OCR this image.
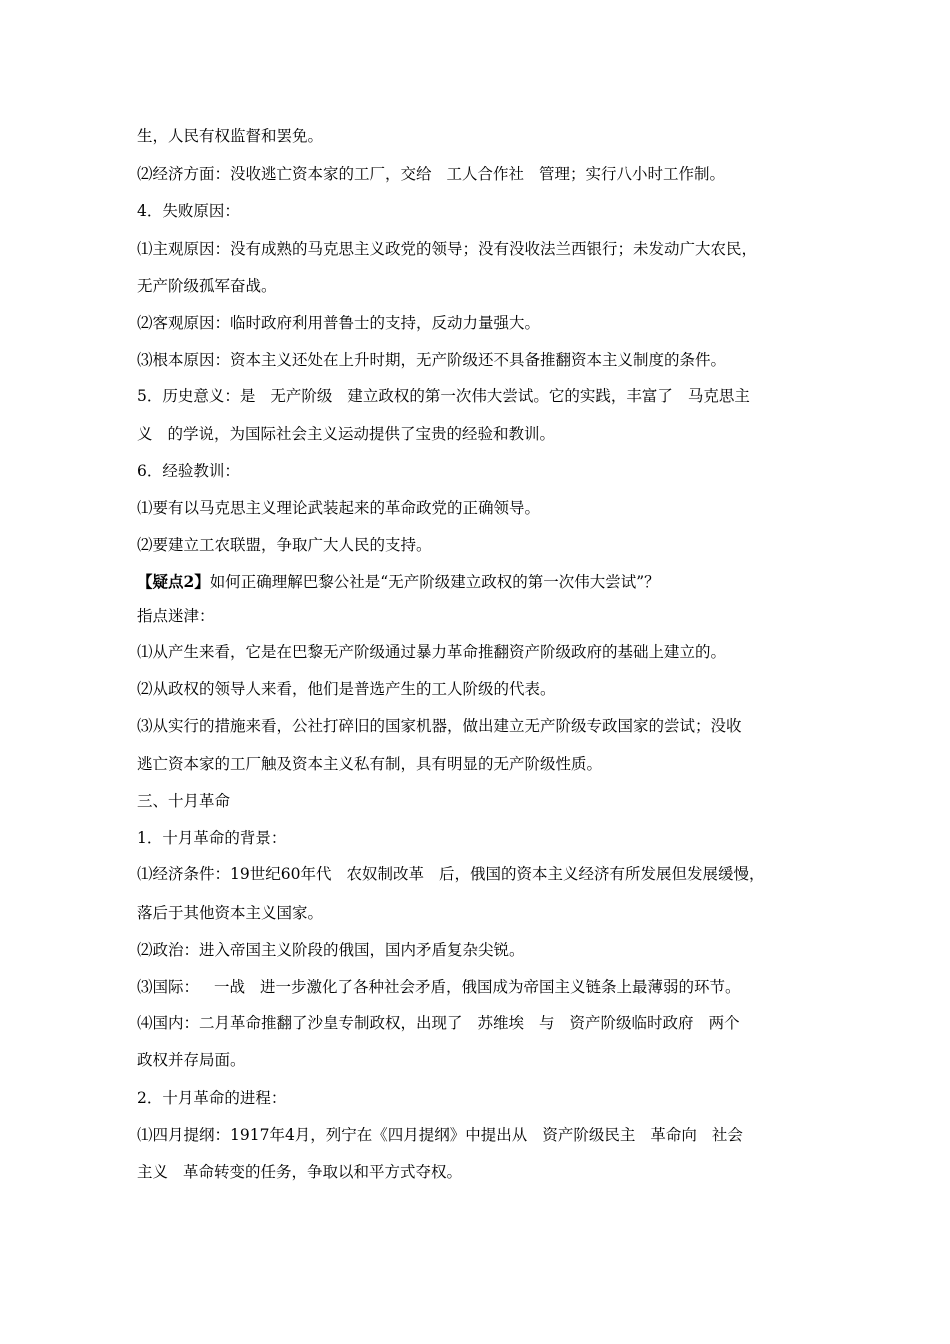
生，人民有权监督和罢免。
⑵经济方面：没收逃亡资本家的工厂，交给 工人合作社 管理；实行八小时工作制。
4．失败原因：
⑴主观原因：没有成熟的马克思主义政党的领导；没有没收法兰西银行；未发动广大农民，
无产阶级孤军奋战。
⑵客观原因：临时政府利用普鲁士的支持，反动力量强大。
⑶根本原因：资本主义还处在上升时期，无产阶级还不具备推翻资本主义制度的条件。
5．历史意义：是 无产阶级 建立政权的第一次伟大尝试。它的实践，丰富了 马克思主
义 的学说，为国际社会主义运动提供了宝贵的经验和教训。
6．经验教训：
⑴要有以马克思主义理论武装起来的革命政党的正确领导。
⑵要建立工农联盟，争取广大人民的支持。
【疑点2】如何正确理解巴黎公社是“无产阶级建立政权的第一次伟大尝试”？
指点迷津：
⑴从产生来看，它是在巴黎无产阶级通过暴力革命推翻资产阶级政府的基础上建立的。
⑵从政权的领导人来看，他们是普选产生的工人阶级的代表。
⑶从实行的措施来看，公社打碎旧的国家机器，做出建立无产阶级专政国家的尝试；没收
逃亡资本家的工厂触及资本主义私有制，具有明显的无产阶级性质。
三、十月革命
1．十月革命的背景：
⑴经济条件：19世纪60年代 农奴制改革 后，俄国的资本主义经济有所发展但发展缓慢，
落后于其他资本主义国家。
⑵政治：进入帝国主义阶段的俄国，国内矛盾复杂尖锐。
⑶国际： 一战 进一步激化了各种社会矛盾，俄国成为帝国主义链条上最薄弱的环节。
⑷国内：二月革命推翻了沙皇专制政权，出现了 苏维埃 与 资产阶级临时政府 两个
政权并存局面。
2．十月革命的进程：
⑴四月提纲：1917年4月，列宁在《四月提纲》中提出从 资产阶级民主 革命向 社会
主义 革命转变的任务，争取以和平方式夺权。
